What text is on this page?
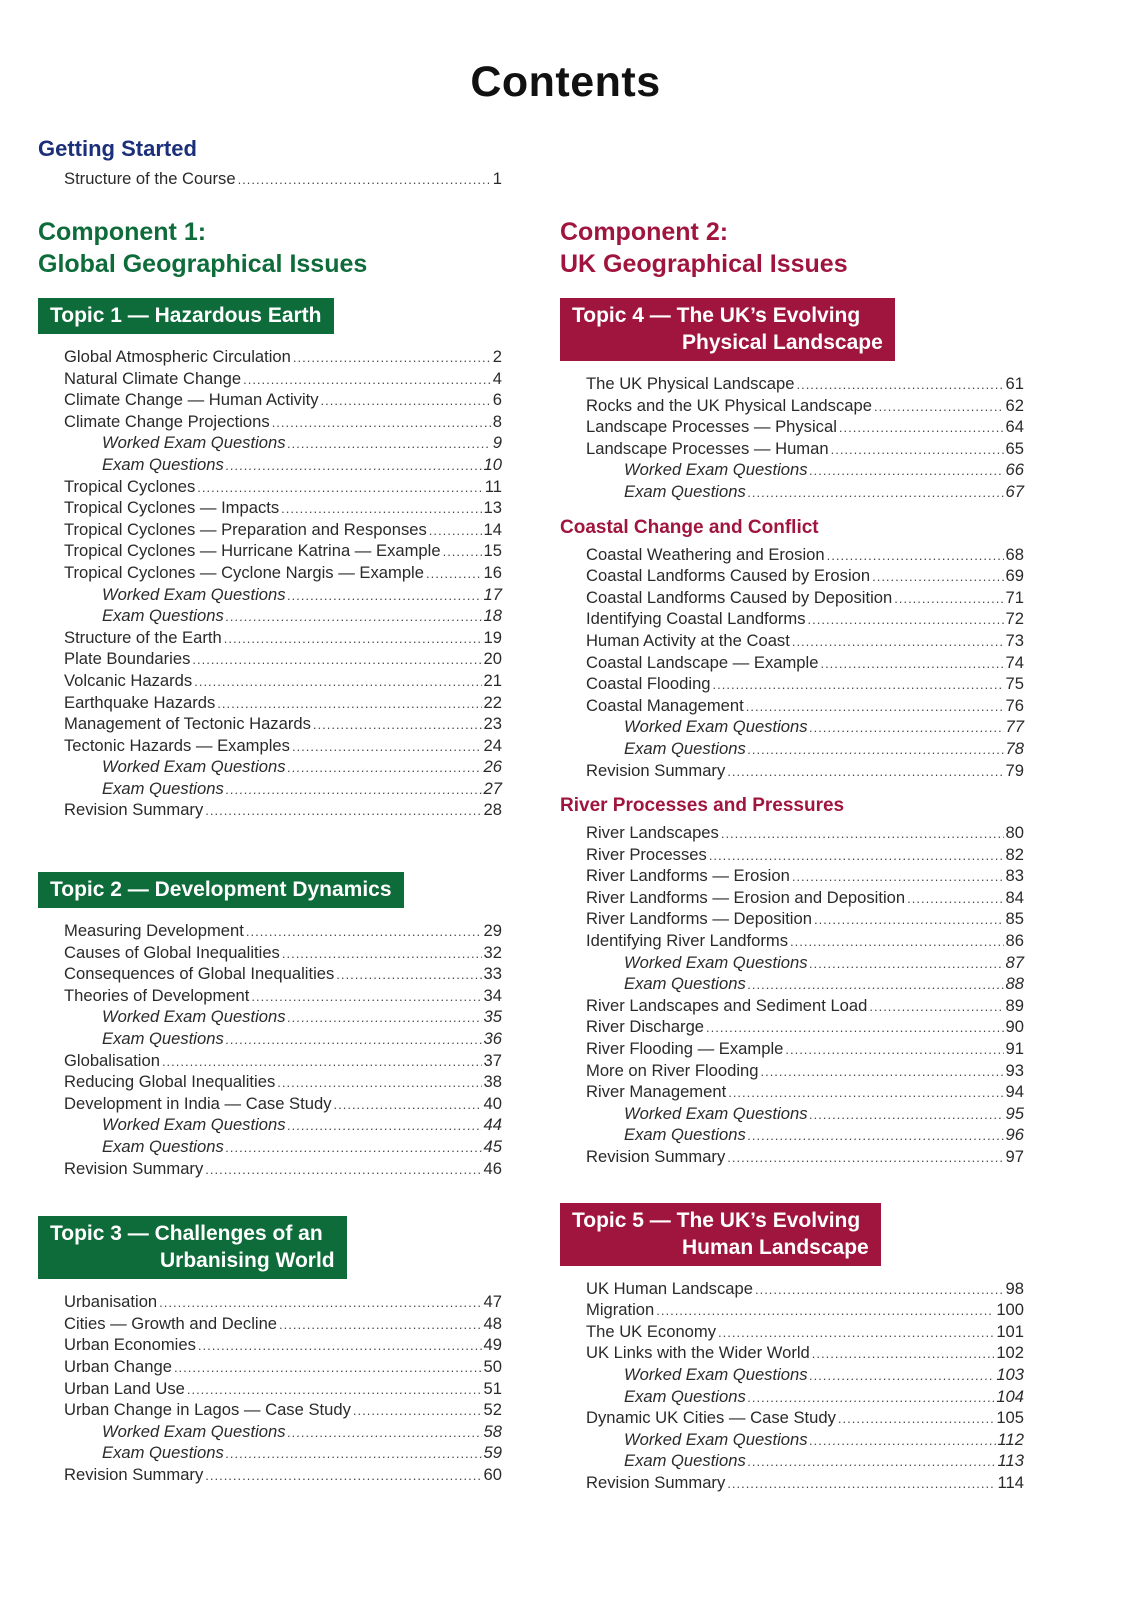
Contents
Getting Started
Structure of the Course .....	1
Component 1:
Global Geographical Issues
Topic 1 — Hazardous Earth
Global Atmospheric Circulation .....	2
Natural Climate Change .....	4
Climate Change — Human Activity .....	6
Climate Change Projections .....	8
Worked Exam Questions .....	9
Exam Questions .....	10
Tropical Cyclones .....	11
Tropical Cyclones — Impacts .....	13
Tropical Cyclones — Preparation and Responses .....	14
Tropical Cyclones — Hurricane Katrina — Example .....	15
Tropical Cyclones — Cyclone Nargis — Example .....	16
Worked Exam Questions .....	17
Exam Questions .....	18
Structure of the Earth .....	19
Plate Boundaries .....	20
Volcanic Hazards .....	21
Earthquake Hazards .....	22
Management of Tectonic Hazards .....	23
Tectonic Hazards — Examples .....	24
Worked Exam Questions .....	26
Exam Questions .....	27
Revision Summary .....	28
Topic 2 — Development Dynamics
Measuring Development .....	29
Causes of Global Inequalities .....	32
Consequences of Global Inequalities .....	33
Theories of Development .....	34
Worked Exam Questions .....	35
Exam Questions .....	36
Globalisation .....	37
Reducing Global Inequalities .....	38
Development in India — Case Study .....	40
Worked Exam Questions .....	44
Exam Questions .....	45
Revision Summary .....	46
Topic 3 — Challenges of an
Urbanising World
Urbanisation .....	47
Cities — Growth and Decline .....	48
Urban Economies .....	49
Urban Change .....	50
Urban Land Use .....	51
Urban Change in Lagos — Case Study .....	52
Worked Exam Questions .....	58
Exam Questions .....	59
Revision Summary .....	60
Component 2:
UK Geographical Issues
Topic 4 — The UK’s Evolving
Physical Landscape
The UK Physical Landscape .....	61
Rocks and the UK Physical Landscape .....	62
Landscape Processes — Physical .....	64
Landscape Processes — Human .....	65
Worked Exam Questions .....	66
Exam Questions .....	67
Coastal Change and Conflict
Coastal Weathering and Erosion .....	68
Coastal Landforms Caused by Erosion .....	69
Coastal Landforms Caused by Deposition .....	71
Identifying Coastal Landforms .....	72
Human Activity at the Coast .....	73
Coastal Landscape — Example .....	74
Coastal Flooding .....	75
Coastal Management .....	76
Worked Exam Questions .....	77
Exam Questions .....	78
Revision Summary .....	79
River Processes and Pressures
River Landscapes .....	80
River Processes .....	82
River Landforms — Erosion .....	83
River Landforms — Erosion and Deposition .....	84
River Landforms — Deposition .....	85
Identifying River Landforms .....	86
Worked Exam Questions .....	87
Exam Questions .....	88
River Landscapes and Sediment Load .....	89
River Discharge .....	90
River Flooding — Example .....	91
More on River Flooding .....	93
River Management .....	94
Worked Exam Questions .....	95
Exam Questions .....	96
Revision Summary .....	97
Topic 5 — The UK’s Evolving
Human Landscape
UK Human Landscape .....	98
Migration .....	100
The UK Economy .....	101
UK Links with the Wider World .....	102
Worked Exam Questions .....	103
Exam Questions .....	104
Dynamic UK Cities — Case Study .....	105
Worked Exam Questions .....	112
Exam Questions .....	113
Revision Summary .....	114
